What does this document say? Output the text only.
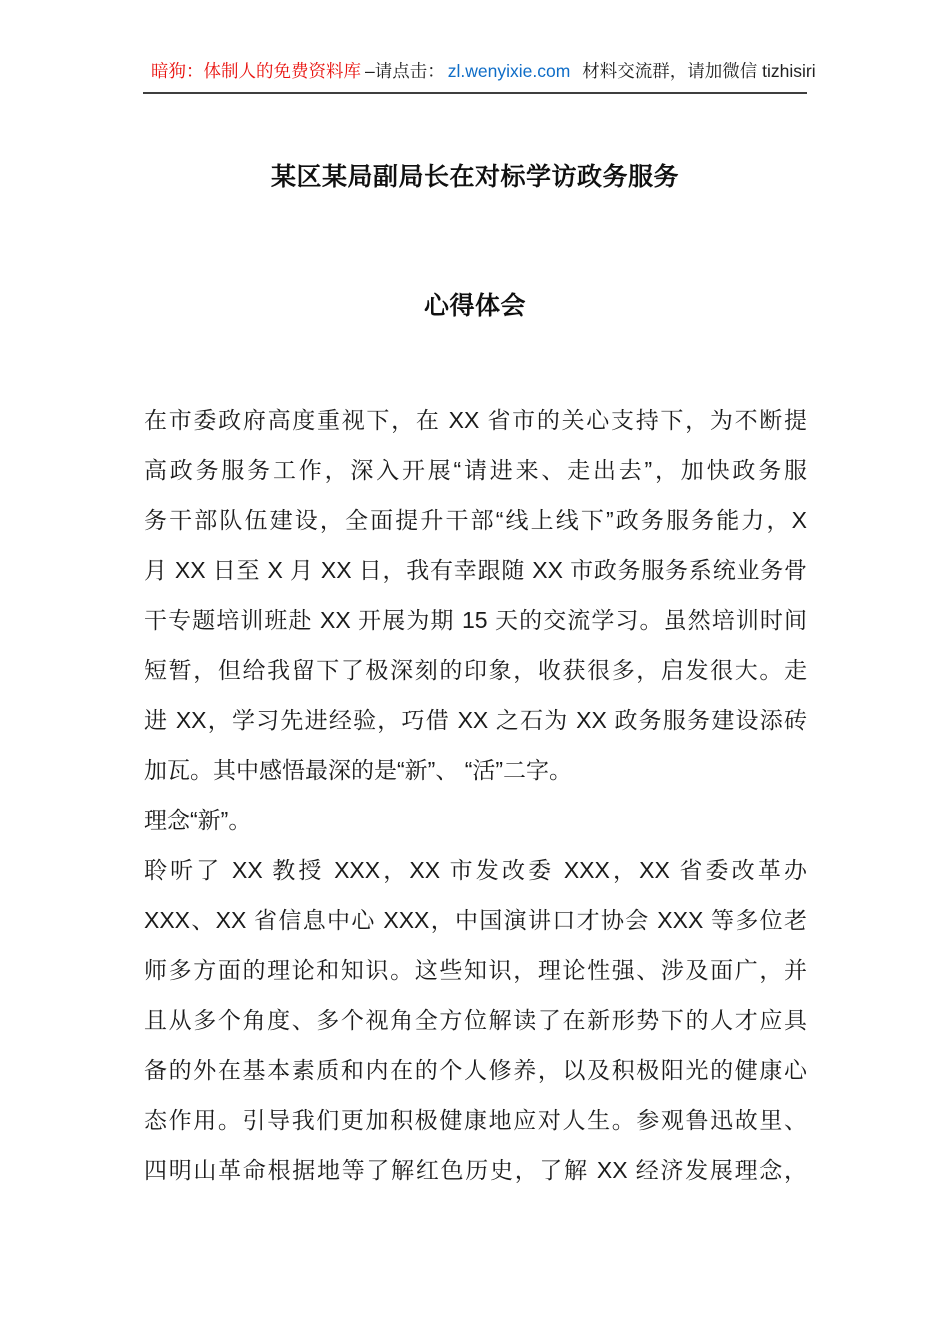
暗狗：体制人的免费资料库 –请点击： zl.wenyixie.com 材料交流群，请加微信 tizhisiri
某区某局副局长在对标学访政务服务
心得体会
在市委政府高度重视下，在 XX 省市的关心支持下，为不断提
高政务服务工作，深入开展“请进来、走出去”，加快政务服
务干部队伍建设，全面提升干部“线上线下”政务服务能力，X
月 XX 日至 X 月 XX 日，我有幸跟随 XX 市政务服务系统业务骨
干专题培训班赴 XX 开展为期 15 天的交流学习。虽然培训时间
短暂，但给我留下了极深刻的印象，收获很多，启发很大。走
进 XX，学习先进经验，巧借 XX 之石为 XX 政务服务建设添砖
加瓦。其中感悟最深的是“新”、 “活”二字。
理念“新”。
聆听了 XX 教授 XXX，XX 市发改委 XXX，XX 省委改革办
XXX、XX 省信息中心 XXX，中国演讲口才协会 XXX 等多位老
师多方面的理论和知识。这些知识，理论性强、涉及面广，并
且从多个角度、多个视角全方位解读了在新形势下的人才应具
备的外在基本素质和内在的个人修养，以及积极阳光的健康心
态作用。引导我们更加积极健康地应对人生。参观鲁迅故里、
四明山革命根据地等了解红色历史，了解 XX 经济发展理念，
